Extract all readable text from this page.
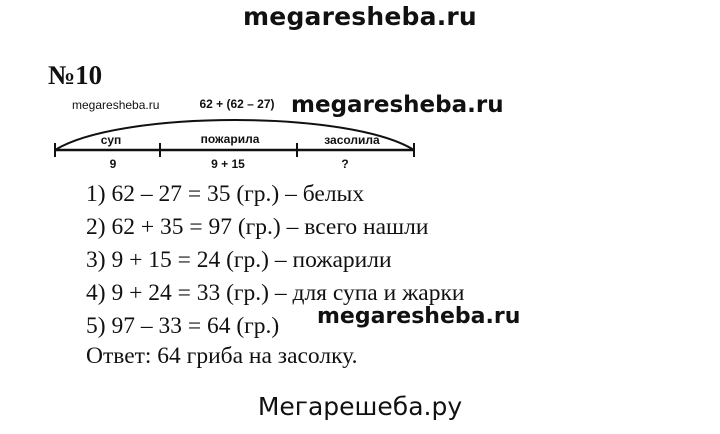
megaresheba.ru
№10
62 + (62 – 27)
суп	пожарила	засолила
9	9 + 15	?
megaresheba.ru	megaresheba.ru
1) 62 – 27 = 35 (гр.) – белых
2) 62 + 35 = 97 (гр.) – всего нашли
3) 9 + 15 = 24 (гр.) – пожарили
4) 9 + 24 = 33 (гр.) – для супа и жарки
5) 97 – 33 = 64 (гр.)	megaresheba.ru
Ответ: 64 гриба на засолку.
Мегарешеба.ру
